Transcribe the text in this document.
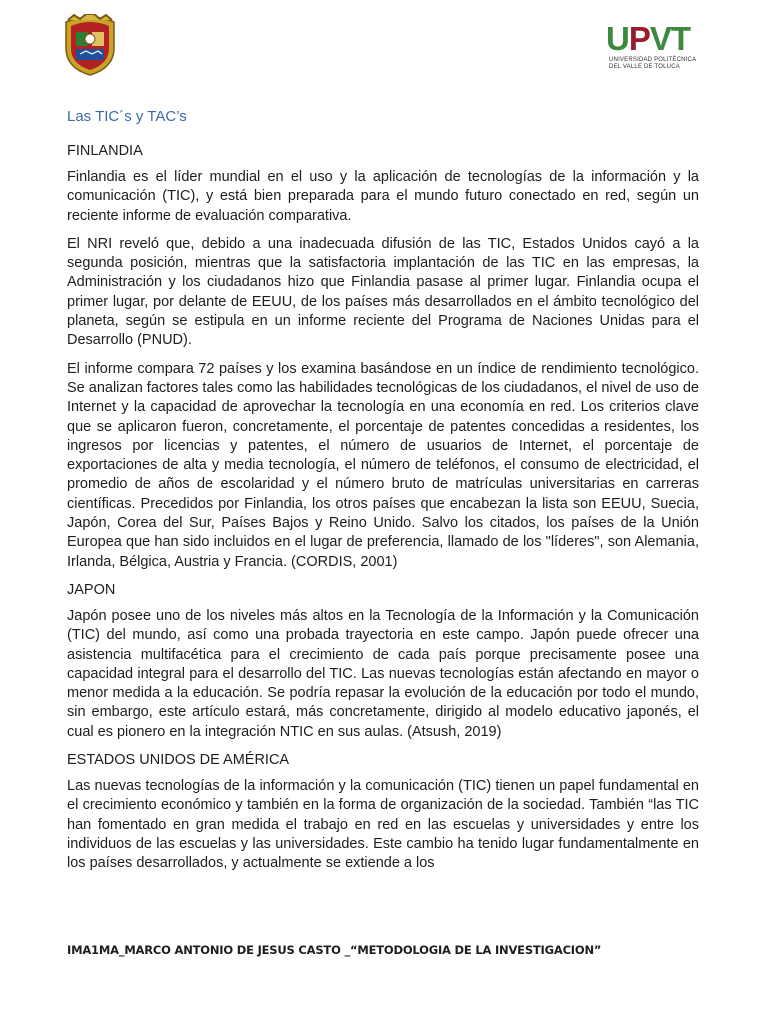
UPVT
UNIVERSIDAD POLITÉCNICA
DEL VALLE DE TOLUCA
Las TIC´s y TAC’s
FINLANDIA

Finlandia es el líder mundial en el uso y la aplicación de tecnologías de la información y la comunicación (TIC), y está bien preparada para el mundo futuro conectado en red, según un reciente informe de evaluación comparativa.

El NRI reveló que, debido a una inadecuada difusión de las TIC, Estados Unidos cayó a la segunda posición, mientras que la satisfactoria implantación de las TIC en las empresas, la Administración y los ciudadanos hizo que Finlandia pasase al primer lugar. Finlandia ocupa el primer lugar, por delante de EEUU, de los países más desarrollados en el ámbito tecnológico del planeta, según se estipula en un informe reciente del Programa de Naciones Unidas para el Desarrollo (PNUD).

El informe compara 72 países y los examina basándose en un índice de rendimiento tecnológico. Se analizan factores tales como las habilidades tecnológicas de los ciudadanos, el nivel de uso de Internet y la capacidad de aprovechar la tecnología en una economía en red. Los criterios clave que se aplicaron fueron, concretamente, el porcentaje de patentes concedidas a residentes, los ingresos por licencias y patentes, el número de usuarios de Internet, el porcentaje de exportaciones de alta y media tecnología, el número de teléfonos, el consumo de electricidad, el promedio de años de escolaridad y el número bruto de matrículas universitarias en carreras científicas. Precedidos por Finlandia, los otros países que encabezan la lista son EEUU, Suecia, Japón, Corea del Sur, Países Bajos y Reino Unido. Salvo los citados, los países de la Unión Europea que han sido incluidos en el lugar de preferencia, llamado de los "líderes", son Alemania, Irlanda, Bélgica, Austria y Francia. (CORDIS, 2001)

JAPON

Japón posee uno de los niveles más altos en la Tecnología de la Información y la Comunicación (TIC) del mundo, así como una probada trayectoria en este campo. Japón puede ofrecer una asistencia multifacética para el crecimiento de cada país porque precisamente posee una capacidad integral para el desarrollo del TIC. Las nuevas tecnologías están afectando en mayor o menor medida a la educación. Se podría repasar la evolución de la educación por todo el mundo, sin embargo, este artículo estará, más concretamente, dirigido al modelo educativo japonés, el cual es pionero en la integración NTIC en sus aulas. (Atsush, 2019)

ESTADOS UNIDOS DE AMÉRICA

Las nuevas tecnologías de la información y la comunicación (TIC) tienen un papel fundamental en el crecimiento económico y también en la forma de organización de la sociedad. También “las TIC han fomentado en gran medida el trabajo en red en las escuelas y universidades y entre los individuos de las escuelas y las universidades. Este cambio ha tenido lugar fundamentalmente en los países desarrollados, y actualmente se extiende a los

IMA1MA_MARCO ANTONIO DE JESUS CASTO _“METODOLOGIA DE LA INVESTIGACION”
